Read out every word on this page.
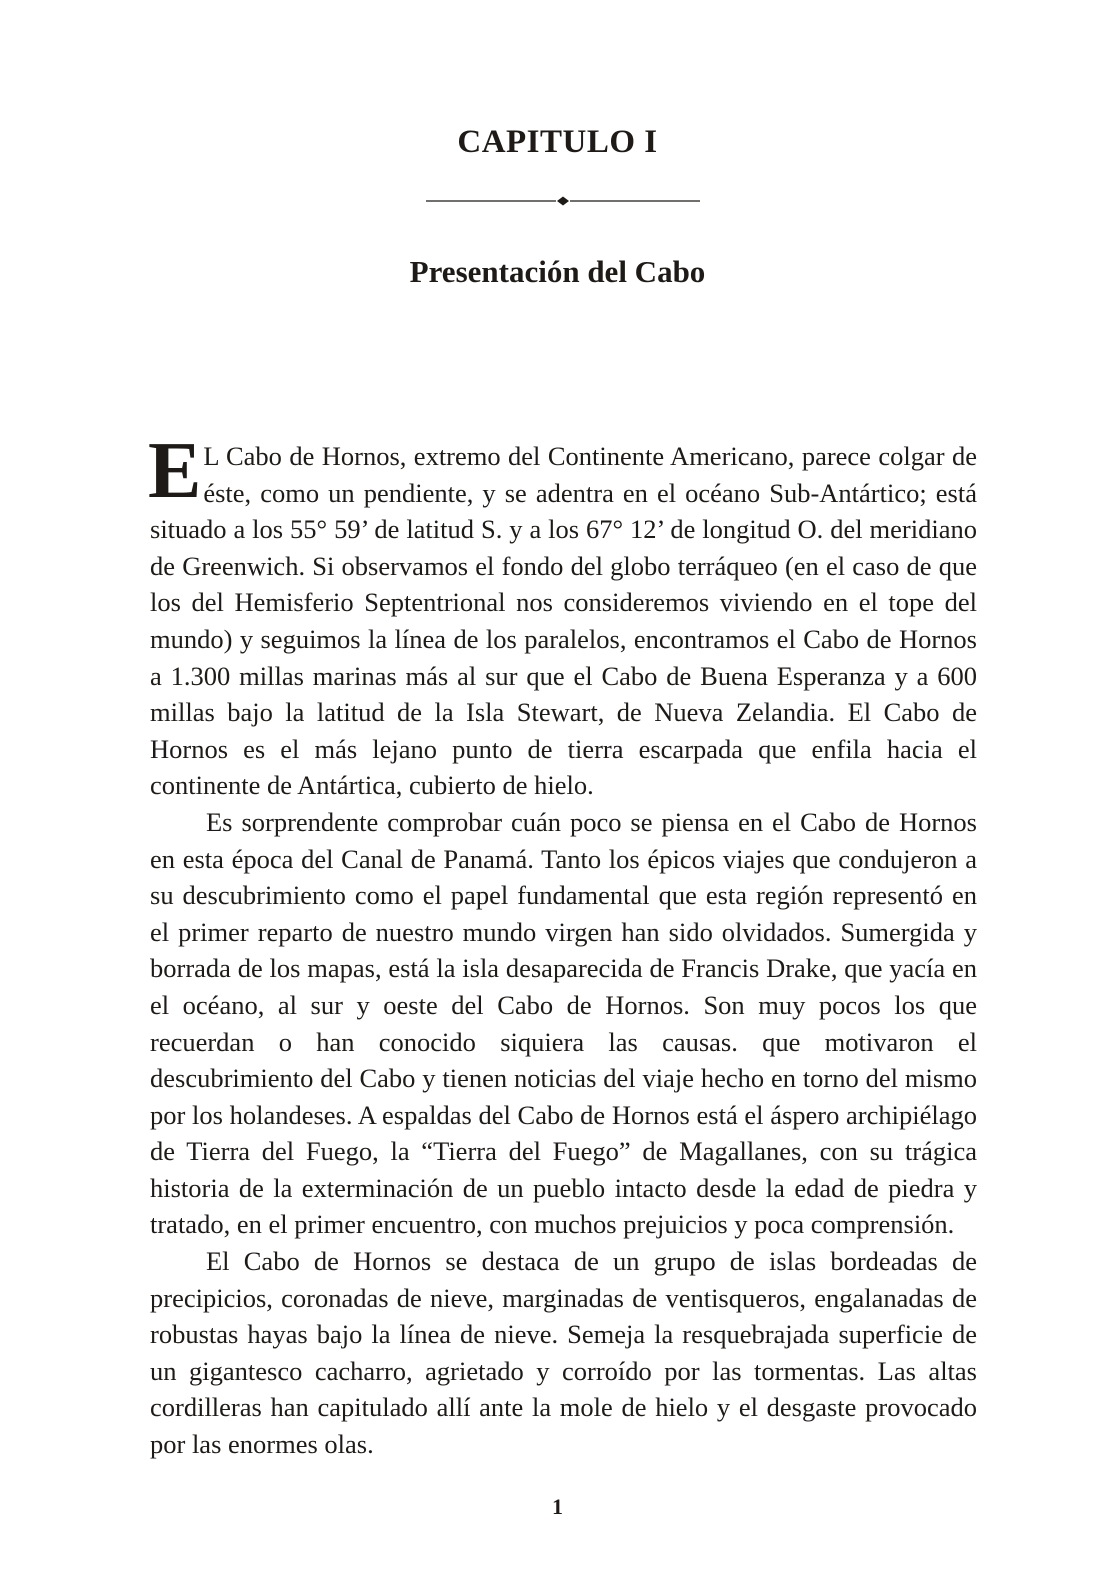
CAPITULO I
Presentación del Cabo

E L Cabo de Hornos, extremo del Continente Americano, parece colgar de éste, como un pendiente, y se adentra en el océano Sub-Antártico; está situado a los 55° 59’ de latitud S. y a los 67° 12’ de longitud O. del meridiano de Greenwich. Si observamos el fondo del globo terráqueo (en el caso de que los del Hemisferio Septentrional nos consideremos viviendo en el tope del mundo) y seguimos la línea de los paralelos, encontramos el Cabo de Hornos a 1.300 millas marinas más al sur que el Cabo de Buena Esperanza y a 600 millas bajo la latitud de la Isla Stewart, de Nueva Zelandia. El Cabo de Hornos es el más lejano punto de tierra escarpada que enfila hacia el continente de Antártica, cubierto de hielo.

Es sorprendente comprobar cuán poco se piensa en el Cabo de Hornos en esta época del Canal de Panamá. Tanto los épicos viajes que condujeron a su descubrimiento como el papel fundamental que esta región representó en el primer reparto de nuestro mundo virgen han sido olvidados. Sumergida y borrada de los mapas, está la isla desaparecida de Francis Drake, que yacía en el océano, al sur y oeste del Cabo de Hornos. Son muy pocos los que recuerdan o han conocido siquiera las causas. que motivaron el descubrimiento del Cabo y tienen noticias del viaje hecho en torno del mismo por los holandeses. A espaldas del Cabo de Hornos está el áspero archipiélago de Tierra del Fuego, la “Tierra del Fuego” de Magallanes, con su trágica historia de la exterminación de un pueblo intacto desde la edad de piedra y tratado, en el primer encuentro, con muchos prejuicios y poca comprensión.

El Cabo de Hornos se destaca de un grupo de islas bordeadas de precipicios, coronadas de nieve, marginadas de ventisqueros, engalanadas de robustas hayas bajo la línea de nieve. Semeja la resquebrajada superficie de un gigantesco cacharro, agrietado y corroído por las tormentas. Las altas cordilleras han capitulado allí ante la mole de hielo y el desgaste provocado por las enormes olas.

1
